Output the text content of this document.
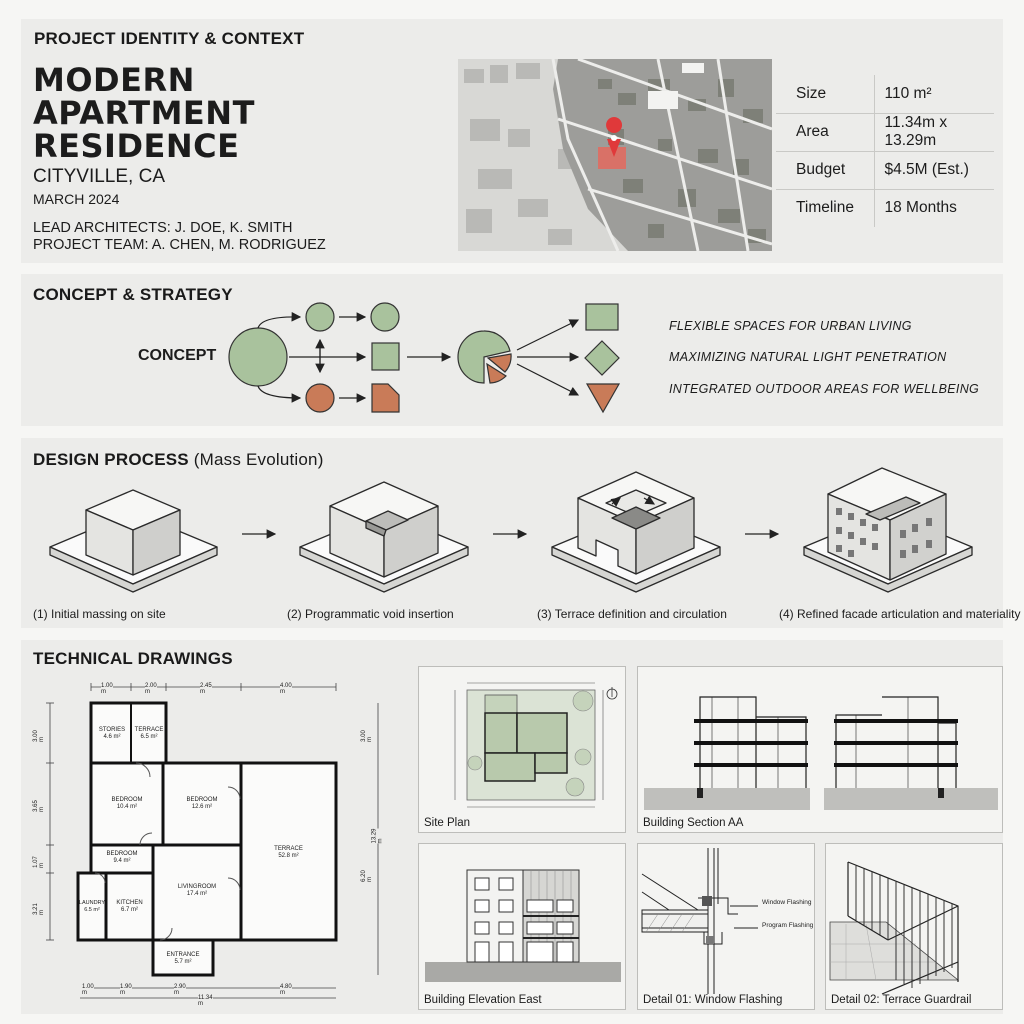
PROJECT IDENTITY & CONTEXT
MODERN
APARTMENT
RESIDENCE
CITYVILLE, CA
MARCH 2024
LEAD ARCHITECTS: J. DOE, K. SMITH
PROJECT TEAM: A. CHEN, M. RODRIGUEZ
Size	110 m²
Area	11.34m x 13.29m
Budget	$4.5M (Est.)
Timeline	18 Months
CONCEPT & STRATEGY
CONCEPT
FLEXIBLE SPACES FOR URBAN LIVING
MAXIMIZING NATURAL LIGHT PENETRATION
INTEGRATED OUTDOOR AREAS FOR WELLBEING
DESIGN PROCESS (Mass Evolution)
(1) Initial massing on site	(2) Programmatic void insertion	(3) Terrace definition and circulation	(4) Refined facade articulation and materiality
TECHNICAL DRAWINGS
STORIES
4.6 m²
TERRACE
6.5 m²
BEDROOM
10.4 m²
BEDROOM
12.6 m²
TERRACE
52.8 m²
BEDROOM
9.4 m²
LAUNDRY
6.5 m²
KITCHEN
6.7 m²
LIVINGROOM
17.4 m²
ENTRANCE
5.7 m²
1.00 m
2.00 m
2.45 m
4.00 m
1.00 m
1.90 m
2.90 m
4.80 m
11.34 m
3.00 m
3.65 m
1.07 m
3.21 m
3.00 m
6.20 m
13.29 m
Site Plan	Building Section AA
Building Elevation East
Window Flashing
Program Flashing
Detail 01: Window Flashing	Detail 02: Terrace Guardrail
